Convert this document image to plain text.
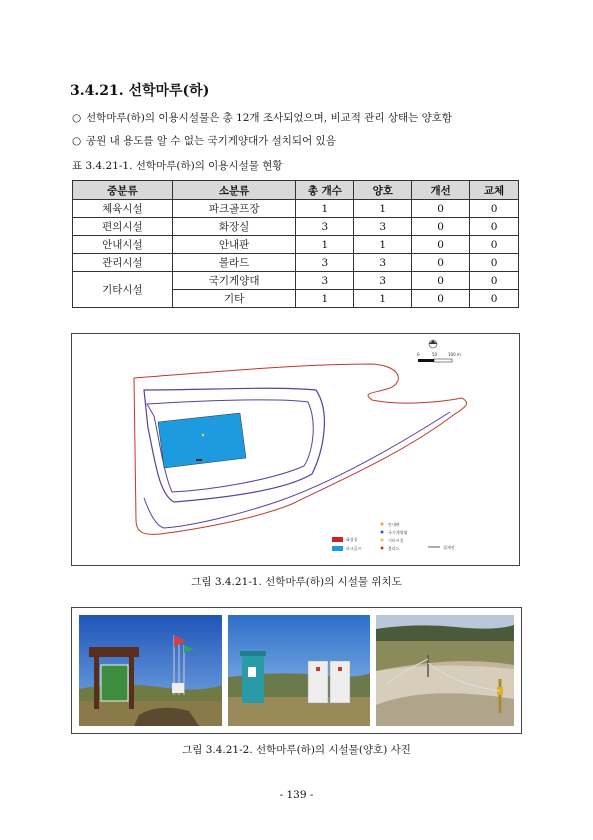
3.4.21. 선학마루(하)
○ 선학마루(하)의 이용시설물은 총 12개 조사되었으며, 비교적 관리 상태는 양호함
○ 공원 내 용도를 알 수 없는 국기게양대가 설치되어 있음
표 3.4.21-1. 선학마루(하)의 이용시설물 현황
중분류	소분류	총 개수	양호	개선	교체
체육시설	파크골프장	1	1	0	0
편의시설	화장실	3	3	0	0
안내시설	안내판	1	1	0	0
관리시설	볼라드	3	3	0	0
기타시설	국기게양대	3	3	0	0
	기타	1	1	0	0
0	50	100 m
화장실
파크골프
안내판
국기게양대
기타시설
볼라드	경계선
그림 3.4.21-1. 선학마루(하)의 시설물 위치도
그림 3.4.21-2. 선학마루(하)의 시설물(양호) 사진
- 139 -
